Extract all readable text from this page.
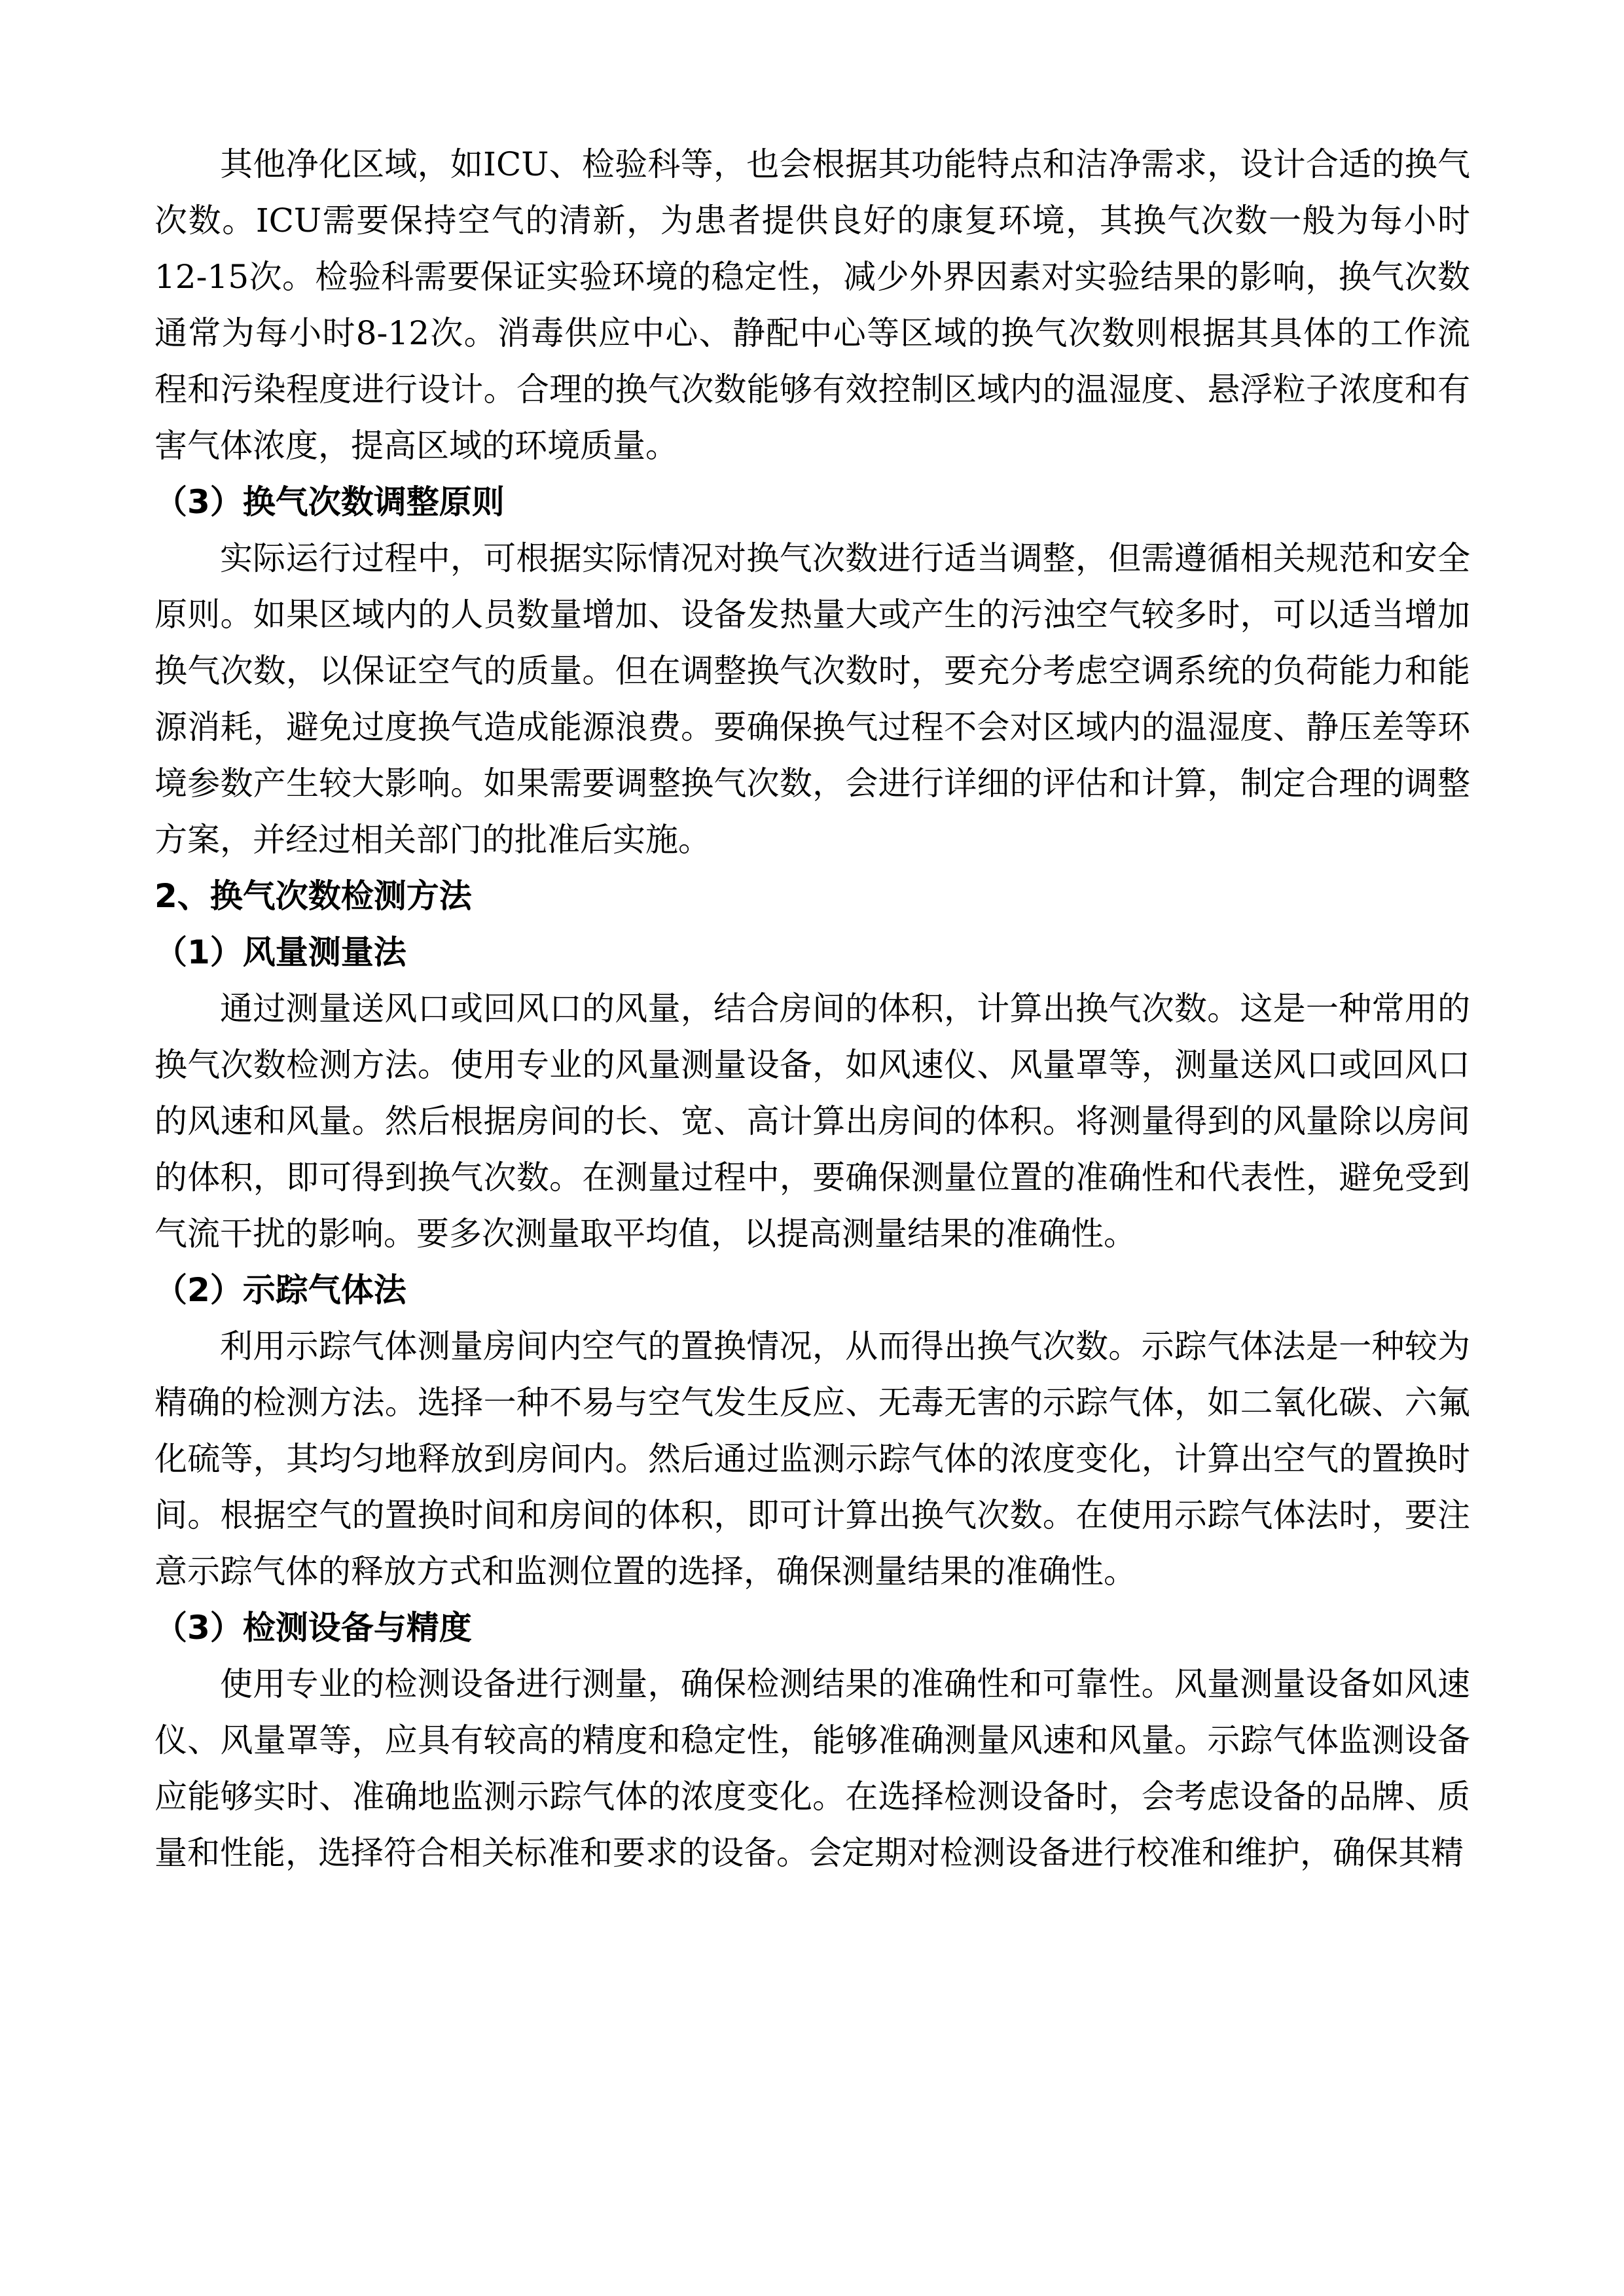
其他净化区域，如ICU、检验科等，也会根据其功能特点和洁净需求，设计合适的换气次数。ICU需要保持空气的清新，为患者提供良好的康复环境，其换气次数一般为每小时12-15次。检验科需要保证实验环境的稳定性，减少外界因素对实验结果的影响，换气次数通常为每小时8-12次。消毒供应中心、静配中心等区域的换气次数则根据其具体的工作流程和污染程度进行设计。合理的换气次数能够有效控制区域内的温湿度、悬浮粒子浓度和有害气体浓度，提高区域的环境质量。

（3）换气次数调整原则

实际运行过程中，可根据实际情况对换气次数进行适当调整，但需遵循相关规范和安全原则。如果区域内的人员数量增加、设备发热量大或产生的污浊空气较多时，可以适当增加换气次数，以保证空气的质量。但在调整换气次数时，要充分考虑空调系统的负荷能力和能源消耗，避免过度换气造成能源浪费。要确保换气过程不会对区域内的温湿度、静压差等环境参数产生较大影响。如果需要调整换气次数，会进行详细的评估和计算，制定合理的调整方案，并经过相关部门的批准后实施。

2、换气次数检测方法

（1）风量测量法

通过测量送风口或回风口的风量，结合房间的体积，计算出换气次数。这是一种常用的换气次数检测方法。使用专业的风量测量设备，如风速仪、风量罩等，测量送风口或回风口的风速和风量。然后根据房间的长、宽、高计算出房间的体积。将测量得到的风量除以房间的体积，即可得到换气次数。在测量过程中，要确保测量位置的准确性和代表性，避免受到气流干扰的影响。要多次测量取平均值，以提高测量结果的准确性。

（2）示踪气体法

利用示踪气体测量房间内空气的置换情况，从而得出换气次数。示踪气体法是一种较为精确的检测方法。选择一种不易与空气发生反应、无毒无害的示踪气体，如二氧化碳、六氟化硫等，其均匀地释放到房间内。然后通过监测示踪气体的浓度变化，计算出空气的置换时间。根据空气的置换时间和房间的体积，即可计算出换气次数。在使用示踪气体法时，要注意示踪气体的释放方式和监测位置的选择，确保测量结果的准确性。

（3）检测设备与精度

使用专业的检测设备进行测量，确保检测结果的准确性和可靠性。风量测量设备如风速仪、风量罩等，应具有较高的精度和稳定性，能够准确测量风速和风量。示踪气体监测设备应能够实时、准确地监测示踪气体的浓度变化。在选择检测设备时，会考虑设备的品牌、质量和性能，选择符合相关标准和要求的设备。会定期对检测设备进行校准和维护，确保其精
